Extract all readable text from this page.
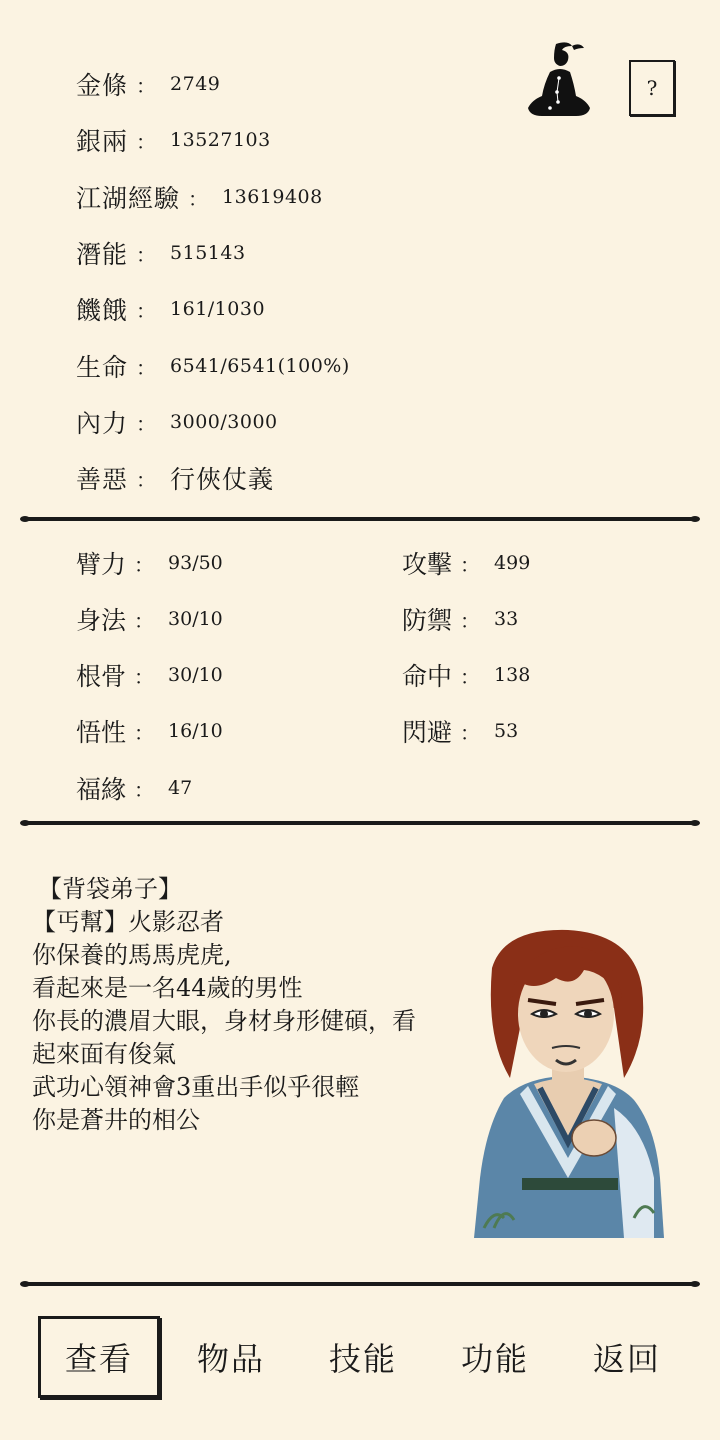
金條 ： 2749
銀兩 ： 13527103
江湖經驗 ： 13619408
潛能 ： 515143
饑餓 ： 161/1030
生命 ： 6541/6541(100%)
內力 ： 3000/3000
善惡 ： 行俠仗義
?
臂力 ： 93/50
身法 ： 30/10
根骨 ： 30/10
悟性 ： 16/10
福緣 ： 47
攻擊 ： 499
防禦 ： 33
命中 ： 138
閃避 ： 53
【背袋弟子】
【丐幫】火影忍者
你保養的馬馬虎虎,
看起來是一名44歲的男性
你長的濃眉大眼，身材身形健碩，看
起來面有俊氣
武功心領神會3重出手似乎很輕
你是蒼井的相公
查看 物品 技能 功能 返回
